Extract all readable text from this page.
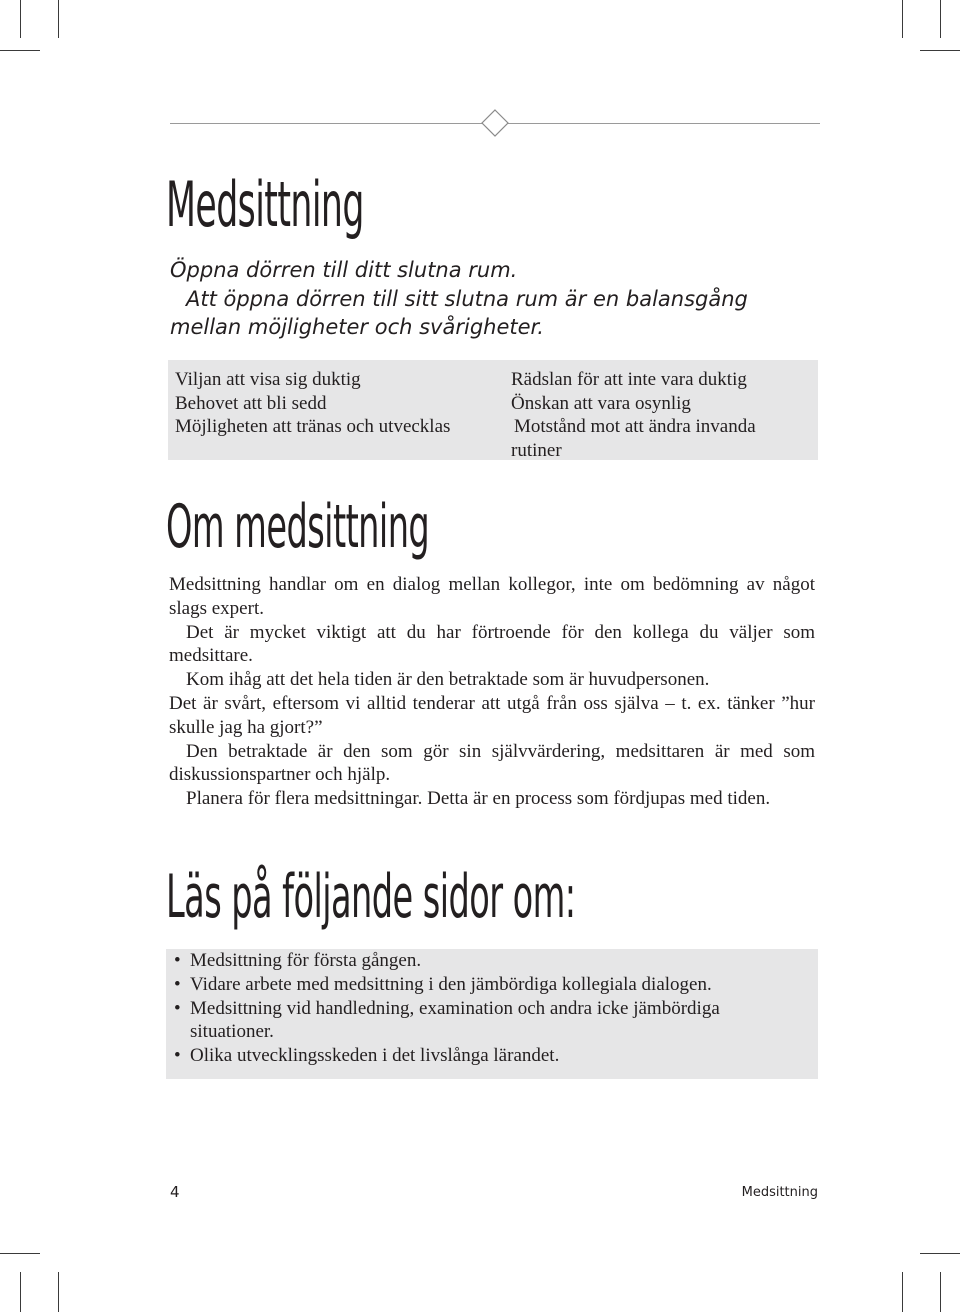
Medsittning

Öppna dörren till ditt slutna rum.

Att öppna dörren till sitt slutna rum är en balansgång mellan möjligheter och svårigheter.

Viljan att visa sig duktig
Behovet att bli sedd
Möjligheten att tränas och utvecklas
Rädslan för att inte vara duktig
Önskan att vara osynlig
Motstånd mot att ändra invanda
rutiner
Om medsittning

Medsittning handlar om en dialog mellan kollegor, inte om bedömning av något slags expert.

Det är mycket viktigt att du har förtroende för den kollega du väljer som medsittare.

Kom ihåg att det hela tiden är den betraktade som är huvudpersonen.

Det är svårt, eftersom vi alltid tenderar att utgå från oss själva – t. ex. tänker ”hur skulle jag ha gjort?”

Den betraktade är den som gör sin självvärdering, medsittaren är med som diskussionspartner och hjälp.

Planera för flera medsittningar. Detta är en process som fördjupas med tiden.

Läs på följande sidor om:
• Medsittning för första gången.
• Vidare arbete med medsittning i den jämbördiga kollegiala dialogen.
• Medsittning vid handledning, examination och andra icke jämbördiga situationer.
• Olika utvecklingsskeden i det livslånga lärandet.
4	Medsittning
